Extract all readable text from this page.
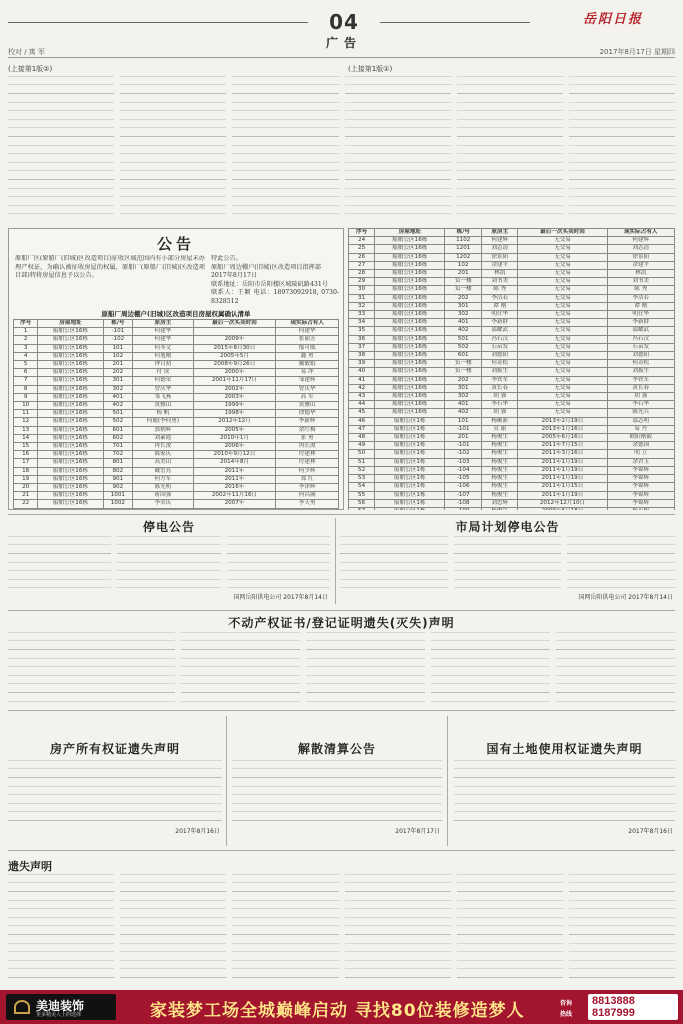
04
广告
校对 / 寓 军
岳阳日报
2017年8月17日 星期四
(上接第1版②)	(上接第1版①)
公告
原船厂区(原船厂(旧城)区改造项目)征收区域范围内有小部分房屋未办理产权证，为确认被征收房屋的权属，原船厂(原船厂(旧城)区改造项目部)特将房屋信息予以公告。
特此公告。
原船厂周边棚户(旧城)区改造项目指挥部
2017年8月17日
联系地址：岳阳市岳阳楼区城陵矶路431号
联系人：王颖 电话：18973092918, 0730-8328512
原船厂周边棚户(旧城)区改造项目房屋权属确认清单
序号	房屋地址	栋/号	原房主	最后一次买卖时间	现实际占有人
1	船舶公区16栋	-101	何建华		何建华
2	船舶公区16栋	-102	何建华	2009年	张丽芳
3	船舶公区16栋	101	何冬文	2015年8月30日	郁可威
4	船舶公区16栋	102	何旭刚	2005年5月	鑫 勇
5	船舶公区16栋	201	钟日初	2008年9月26日	戴敏娟
6	船舶公区16栋	202	付 成	2000年	易 冲
7	船舶公区16栋	301	何德荣	2001年11月17日	邹建辉
8	船舶公区16栋	302	曾庆华	2002年	曾庆华
9	船舶公区16栋	401	邹飞燕	2003年	高 军
10	船舶公区16栋	402	黄雅山	1999年	黄雅山
11	船舶公区16栋	501	杨 帆	1998年	徐德华
12	船舶公区16栋	502	何鹿(李何勇)	2012年12月	李新辉
13	船舶公区16栋	601	郭炳辉	2005年	余红梅
14	船舶公区16栋	602	刘素霞	2010年1月	张 勇
15	船舶公区16栋	701	冉长浚	2006年	冉长浚
16	船舶公区16栋	702	陈家庆	2010年9月12日	付建林
17	船舶公区16栋	801	高美山	2014年8月	付建林
18	船舶公区16栋	802	戴宏亮	2011年	何少辉
19	船舶公区16栋	901	何方军	2011年	郑 红
20	船舶公区16栋	902	陈光明	2016年	李泽辉
21	船舶公区16栋	1001	蒋国强	2002年11月16日	何昌满
22	船舶公区16栋	1002	李荣庆	2007年	李天勇

序号	房屋地址	栋/号	原房主	最后一次买卖时间	现实际占有人
24	船舶公区16栋	1102	何建辉	无交易	何建辉
25	船舶公区16栋	1201	刘志清	无交易	刘志清
26	船舶公区16栋	1202	徐景阳	无交易	徐景阳
27	船舶公区16栋	102	余建平	无交易	余建平
28	船舶公区16栋	201	林凯	无交易	林凯
29	船舶公区16栋	负一楼	刘书美	无交易	刘书美
30	船舶公区16栋	负一楼	陈 秀	无交易	陈 秀
31	船舶公区16栋	202	李洁若	无交易	李洁若
32	船舶公区16栋	301	谭 刚	无交易	谭 刚
33	船舶公区16栋	302	明仕华	无交易	明仕华
34	船舶公区16栋	401	李新群	无交易	李新群
35	船舶公区16栋	402	邵耀武	无交易	邵耀武
36	船舶公区16栋	501	冯石汉	无交易	冯石汉
37	船舶公区16栋	502	石苗发	无交易	石苗发
38	船舶公区16栋	601	刘德阳	无交易	刘德阳
39	船舶公区16栋	负一楼	何奇松	无交易	何奇松
40	船舶公区16栋	负一楼	刘振生	无交易	刘振生
41	船舶公区16栋	202	李铁军	无交易	李铁军
42	船舶公区16栋	301	黄长春	无交易	黄长春
43	船舶公区16栋	302	胡 强	无交易	胡 强
44	船舶公区16栋	401	李石华	无交易	李石华
45	船舶公区16栋	402	胡 强	无交易	陈光兵
46	船舶公区1栋	101	杨顺新	2013年2月19日	邵志明
47	船舶公区1栋	-101	吴 丽	2013年1月16日	易 丹
48	船舶公区1栋	201	杨俊生	2005年6月16日	欧阳刚毅
49	船舶公区1栋	-101	杨俊生	2011年7月15日	余德国
50	船舶公区1栋	-102	杨俊生	2011年3月16日	明 立
51	船舶公区1栋	-103	杨俊生	2011年1月19日	余君玉
52	船舶公区1栋	-104	杨俊生	2011年1月19日	李锦辉
53	船舶公区1栋	-105	杨俊生	2011年1月19日	李锦辉
54	船舶公区1栋	-106	杨俊生	2011年1月15日	李锦辉
55	船舶公区1栋	-107	杨俊生	2011年1月19日	李锦辉
56	船舶公区1栋	-108	刘忠辉	2012年12月10日	李锦辉

停电公告
国网岳阳供电公司 2017年8月14日
市局计划停电公告
国网岳阳供电公司 2017年8月14日
不动产权证书/登记证明遗失(灭失)声明
房产所有权证遗失声明
2017年8月16日
解散清算公告
2017年8月17日
国有土地使用权证遗失声明
2017年8月16日
遗失声明
美迪装饰
更多精美人士的选择	家装梦工场全城巅峰启动 寻找80位装修造梦人	咨询
热线
8813888
8187999
